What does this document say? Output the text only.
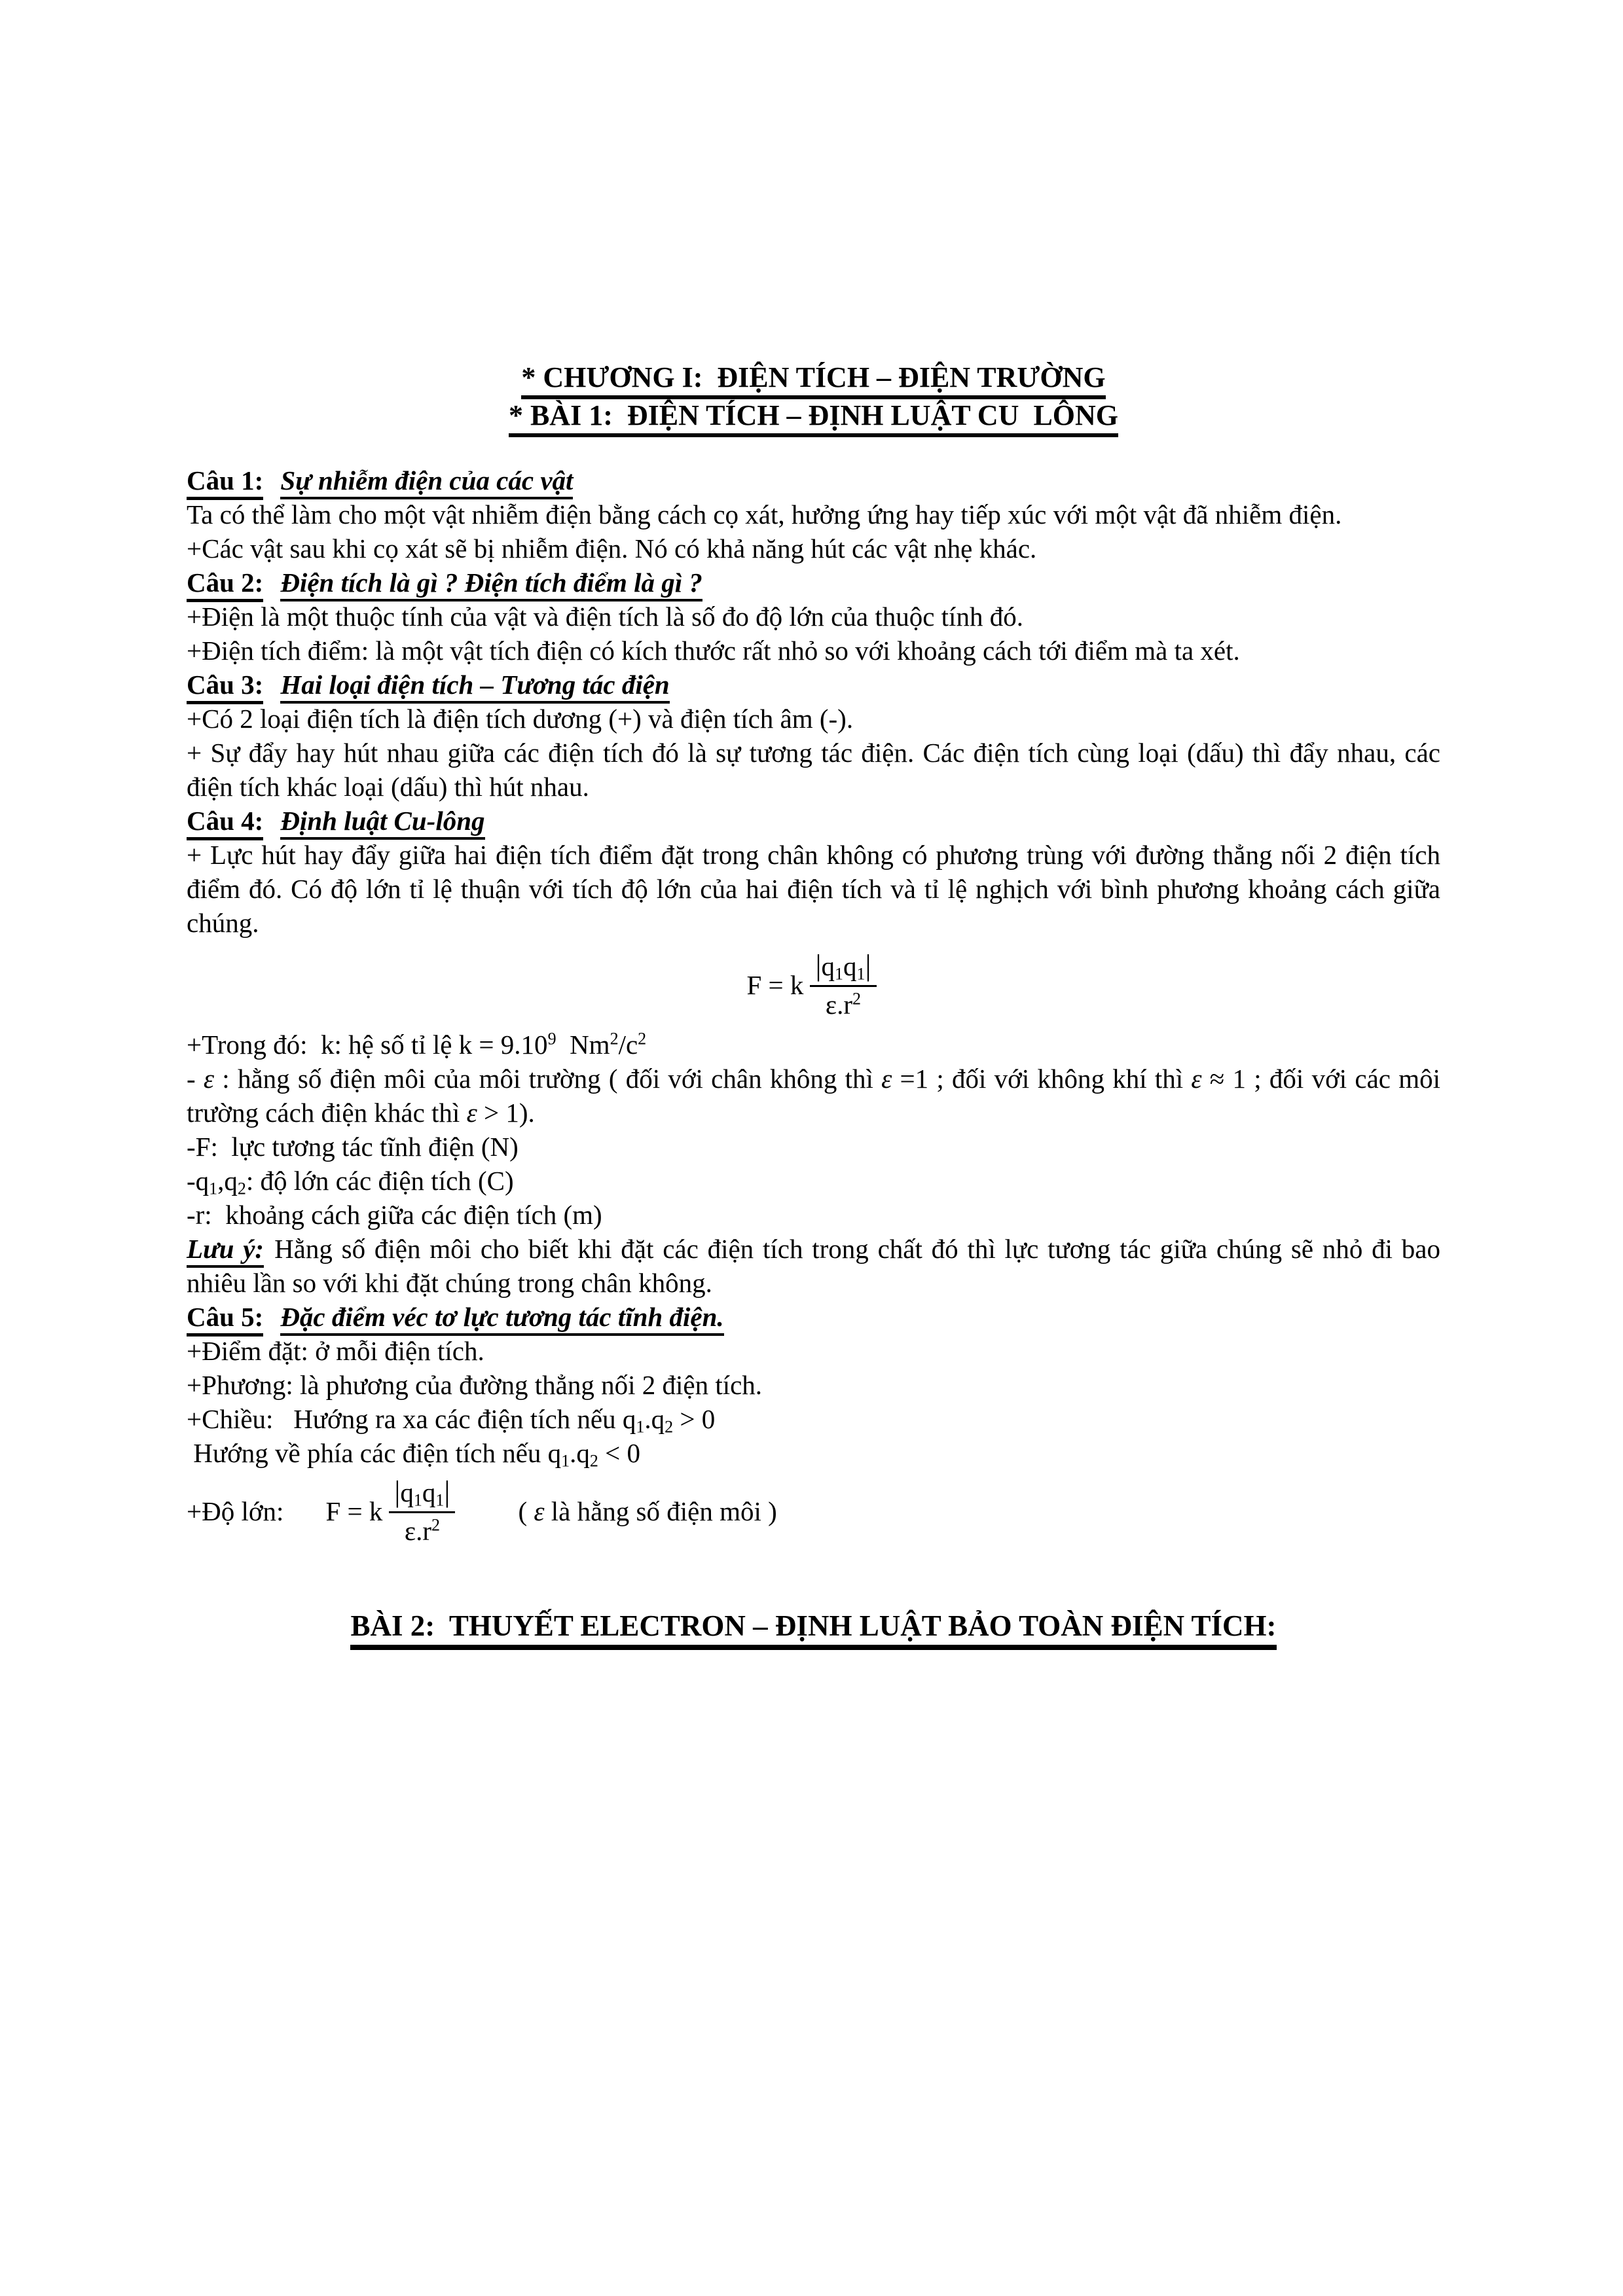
* CHƯƠNG I:  ĐIỆN TÍCH – ĐIỆN TRƯỜNG
* BÀI 1:  ĐIỆN TÍCH – ĐỊNH LUẬT CU  LÔNG

Câu 1: Sự nhiễm điện của các vật

Ta có thể làm cho một vật nhiễm điện bằng cách cọ xát, hưởng ứng hay tiếp xúc với một vật đã nhiễm điện.

+Các vật sau khi cọ xát sẽ bị nhiễm điện. Nó có khả năng hút các vật nhẹ khác.

Câu 2: Điện tích là gì ? Điện tích điểm là gì ?

+Điện là một thuộc tính của vật và điện tích là số đo độ lớn của thuộc tính đó.

+Điện tích điểm: là một vật tích điện có kích thước rất nhỏ so với khoảng cách tới điểm mà ta xét.

Câu 3: Hai loại điện tích – Tương tác điện

+Có 2 loại điện tích là điện tích dương (+) và điện tích âm (-).

+ Sự đẩy hay hút nhau giữa các điện tích đó là sự tương tác điện. Các điện tích cùng loại (dấu) thì đẩy nhau, các điện tích khác loại (dấu) thì hút nhau.

Câu 4: Định luật Cu-lông

+ Lực hút hay đẩy giữa hai điện tích điểm đặt trong chân không có phương trùng với đường thẳng nối 2 điện tích điểm đó. Có độ lớn tỉ lệ thuận với tích độ lớn của hai điện tích và tỉ lệ nghịch với bình phương khoảng cách giữa chúng.

F = k $\frac{|q_1q_1|}{\varepsilon.r^2}$

+Trong đó:  k: hệ số tỉ lệ $k = 9.10^9$  $Nm^2/c^2$

- ε : hằng số điện môi của môi trường ( đối với chân không thì ε =1 ; đối với không khí thì ε ≈ 1 ; đối với các môi trường cách điện khác thì ε > 1).

-F:  lực tương tác tĩnh điện (N)

$-q_1,q_2$: độ lớn các điện tích (C)

-r:  khoảng cách giữa các điện tích (m)

Lưu ý: Hằng số điện môi cho biết khi đặt các điện tích trong chất đó thì lực tương tác giữa chúng sẽ nhỏ đi bao nhiêu lần so với khi đặt chúng trong chân không.

Câu 5: Đặc điểm véc tơ lực tương tác tĩnh điện.

+Điểm đặt: ở mỗi điện tích.

+Phương: là phương của đường thẳng nối 2 điện tích.

+Chiều:   Hướng ra xa các điện tích nếu $q_1.q_2 > 0$

Hướng về phía các điện tích nếu $q_1.q_2 < 0$

+Độ lớn: F = k $\frac{|q_1q_1|}{\varepsilon.r^2}$ ( ε là hằng số điện môi )
BÀI 2:  THUYẾT ELECTRON – ĐỊNH LUẬT BẢO TOÀN ĐIỆN TÍCH:
